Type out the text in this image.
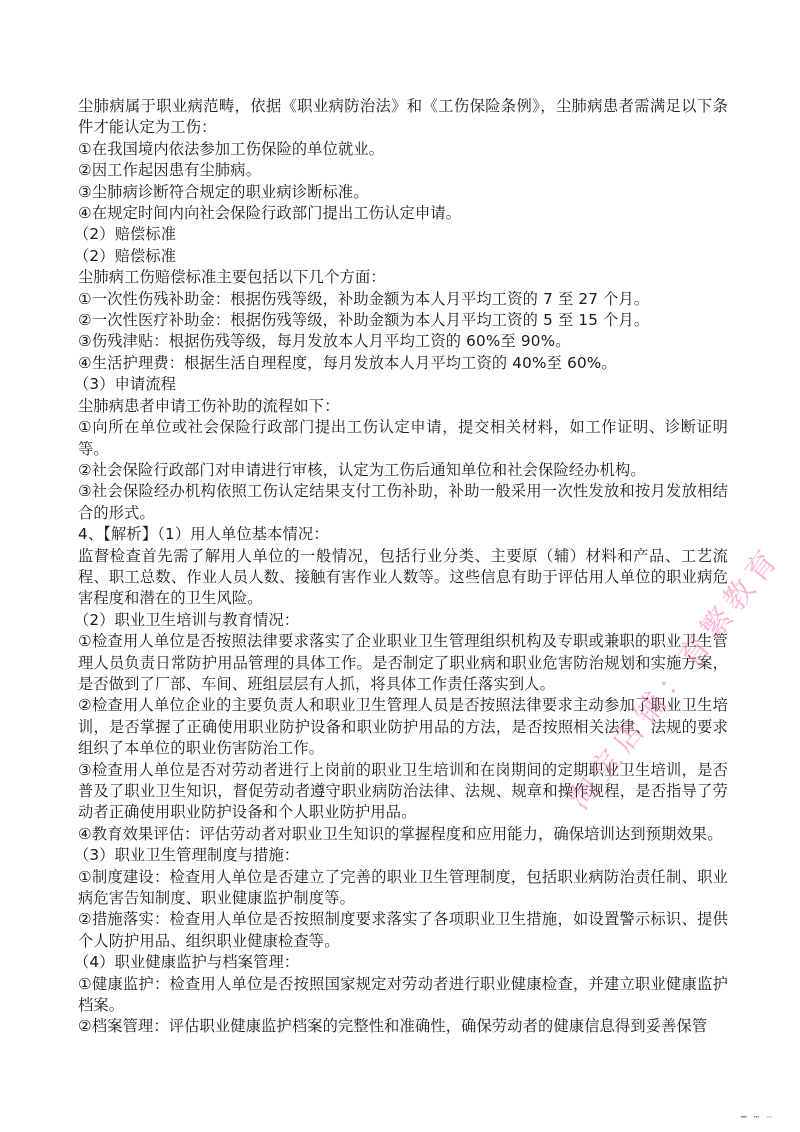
尘肺病属于职业病范畴，依据《职业病防治法》和《工伤保险条例》，尘肺病患者需满足以下条件才能认定为工伤：

①在我国境内依法参加工伤保险的单位就业。

②因工作起因患有尘肺病。

③尘肺病诊断符合规定的职业病诊断标准。

④在规定时间内向社会保险行政部门提出工伤认定申请。

（2）赔偿标准

（2）赔偿标准

尘肺病工伤赔偿标准主要包括以下几个方面：

①一次性伤残补助金：根据伤残等级，补助金额为本人月平均工资的 7 至 27 个月。

②一次性医疗补助金：根据伤残等级，补助金额为本人月平均工资的 5 至 15 个月。

③伤残津贴：根据伤残等级，每月发放本人月平均工资的 60%至 90%。

④生活护理费：根据生活自理程度，每月发放本人月平均工资的 40%至 60%。

（3）申请流程

尘肺病患者申请工伤补助的流程如下：

①向所在单位或社会保险行政部门提出工伤认定申请，提交相关材料，如工作证明、诊断证明等。

②社会保险行政部门对申请进行审核，认定为工伤后通知单位和社会保险经办机构。

③社会保险经办机构依照工伤认定结果支付工伤补助，补助一般采用一次性发放和按月发放相结合的形式。

4、【解析】（1）用人单位基本情况：

监督检查首先需了解用人单位的一般情况，包括行业分类、主要原（辅）材料和产品、工艺流程、职工总数、作业人员人数、接触有害作业人数等。这些信息有助于评估用人单位的职业病危害程度和潜在的卫生风险。

（2）职业卫生培训与教育情况：

①检查用人单位是否按照法律要求落实了企业职业卫生管理组织机构及专职或兼职的职业卫生管理人员负责日常防护用品管理的具体工作。是否制定了职业病和职业危害防治规划和实施方案，是否做到了厂部、车间、班组层层有人抓，将具体工作责任落实到人。

②检查用人单位企业的主要负责人和职业卫生管理人员是否按照法律要求主动参加了职业卫生培训，是否掌握了正确使用职业防护设备和职业防护用品的方法，是否按照相关法律、法规的要求组织了本单位的职业伤害防治工作。

③检查用人单位是否对劳动者进行上岗前的职业卫生培训和在岗期间的定期职业卫生培训，是否普及了职业卫生知识，督促劳动者遵守职业病防治法律、法规、规章和操作规程，是否指导了劳动者正确使用职业防护设备和个人职业防护用品。

④教育效果评估：评估劳动者对职业卫生知识的掌握程度和应用能力，确保培训达到预期效果。

（3）职业卫生管理制度与措施：

①制度建设：检查用人单位是否建立了完善的职业卫生管理制度，包括职业病防治责任制、职业病危害告知制度、职业健康监护制度等。

②措施落实：检查用人单位是否按照制度要求落实了各项职业卫生措施，如设置警示标识、提供个人防护用品、组织职业健康检查等。

（4）职业健康监护与档案管理：

①健康监护：检查用人单位是否按照国家规定对劳动者进行职业健康检查，并建立职业健康监护档案。

②档案管理：评估职业健康监护档案的完整性和准确性，确保劳动者的健康信息得到妥善保管

淘宝店铺：育繁教育
━ ┅ ┄
